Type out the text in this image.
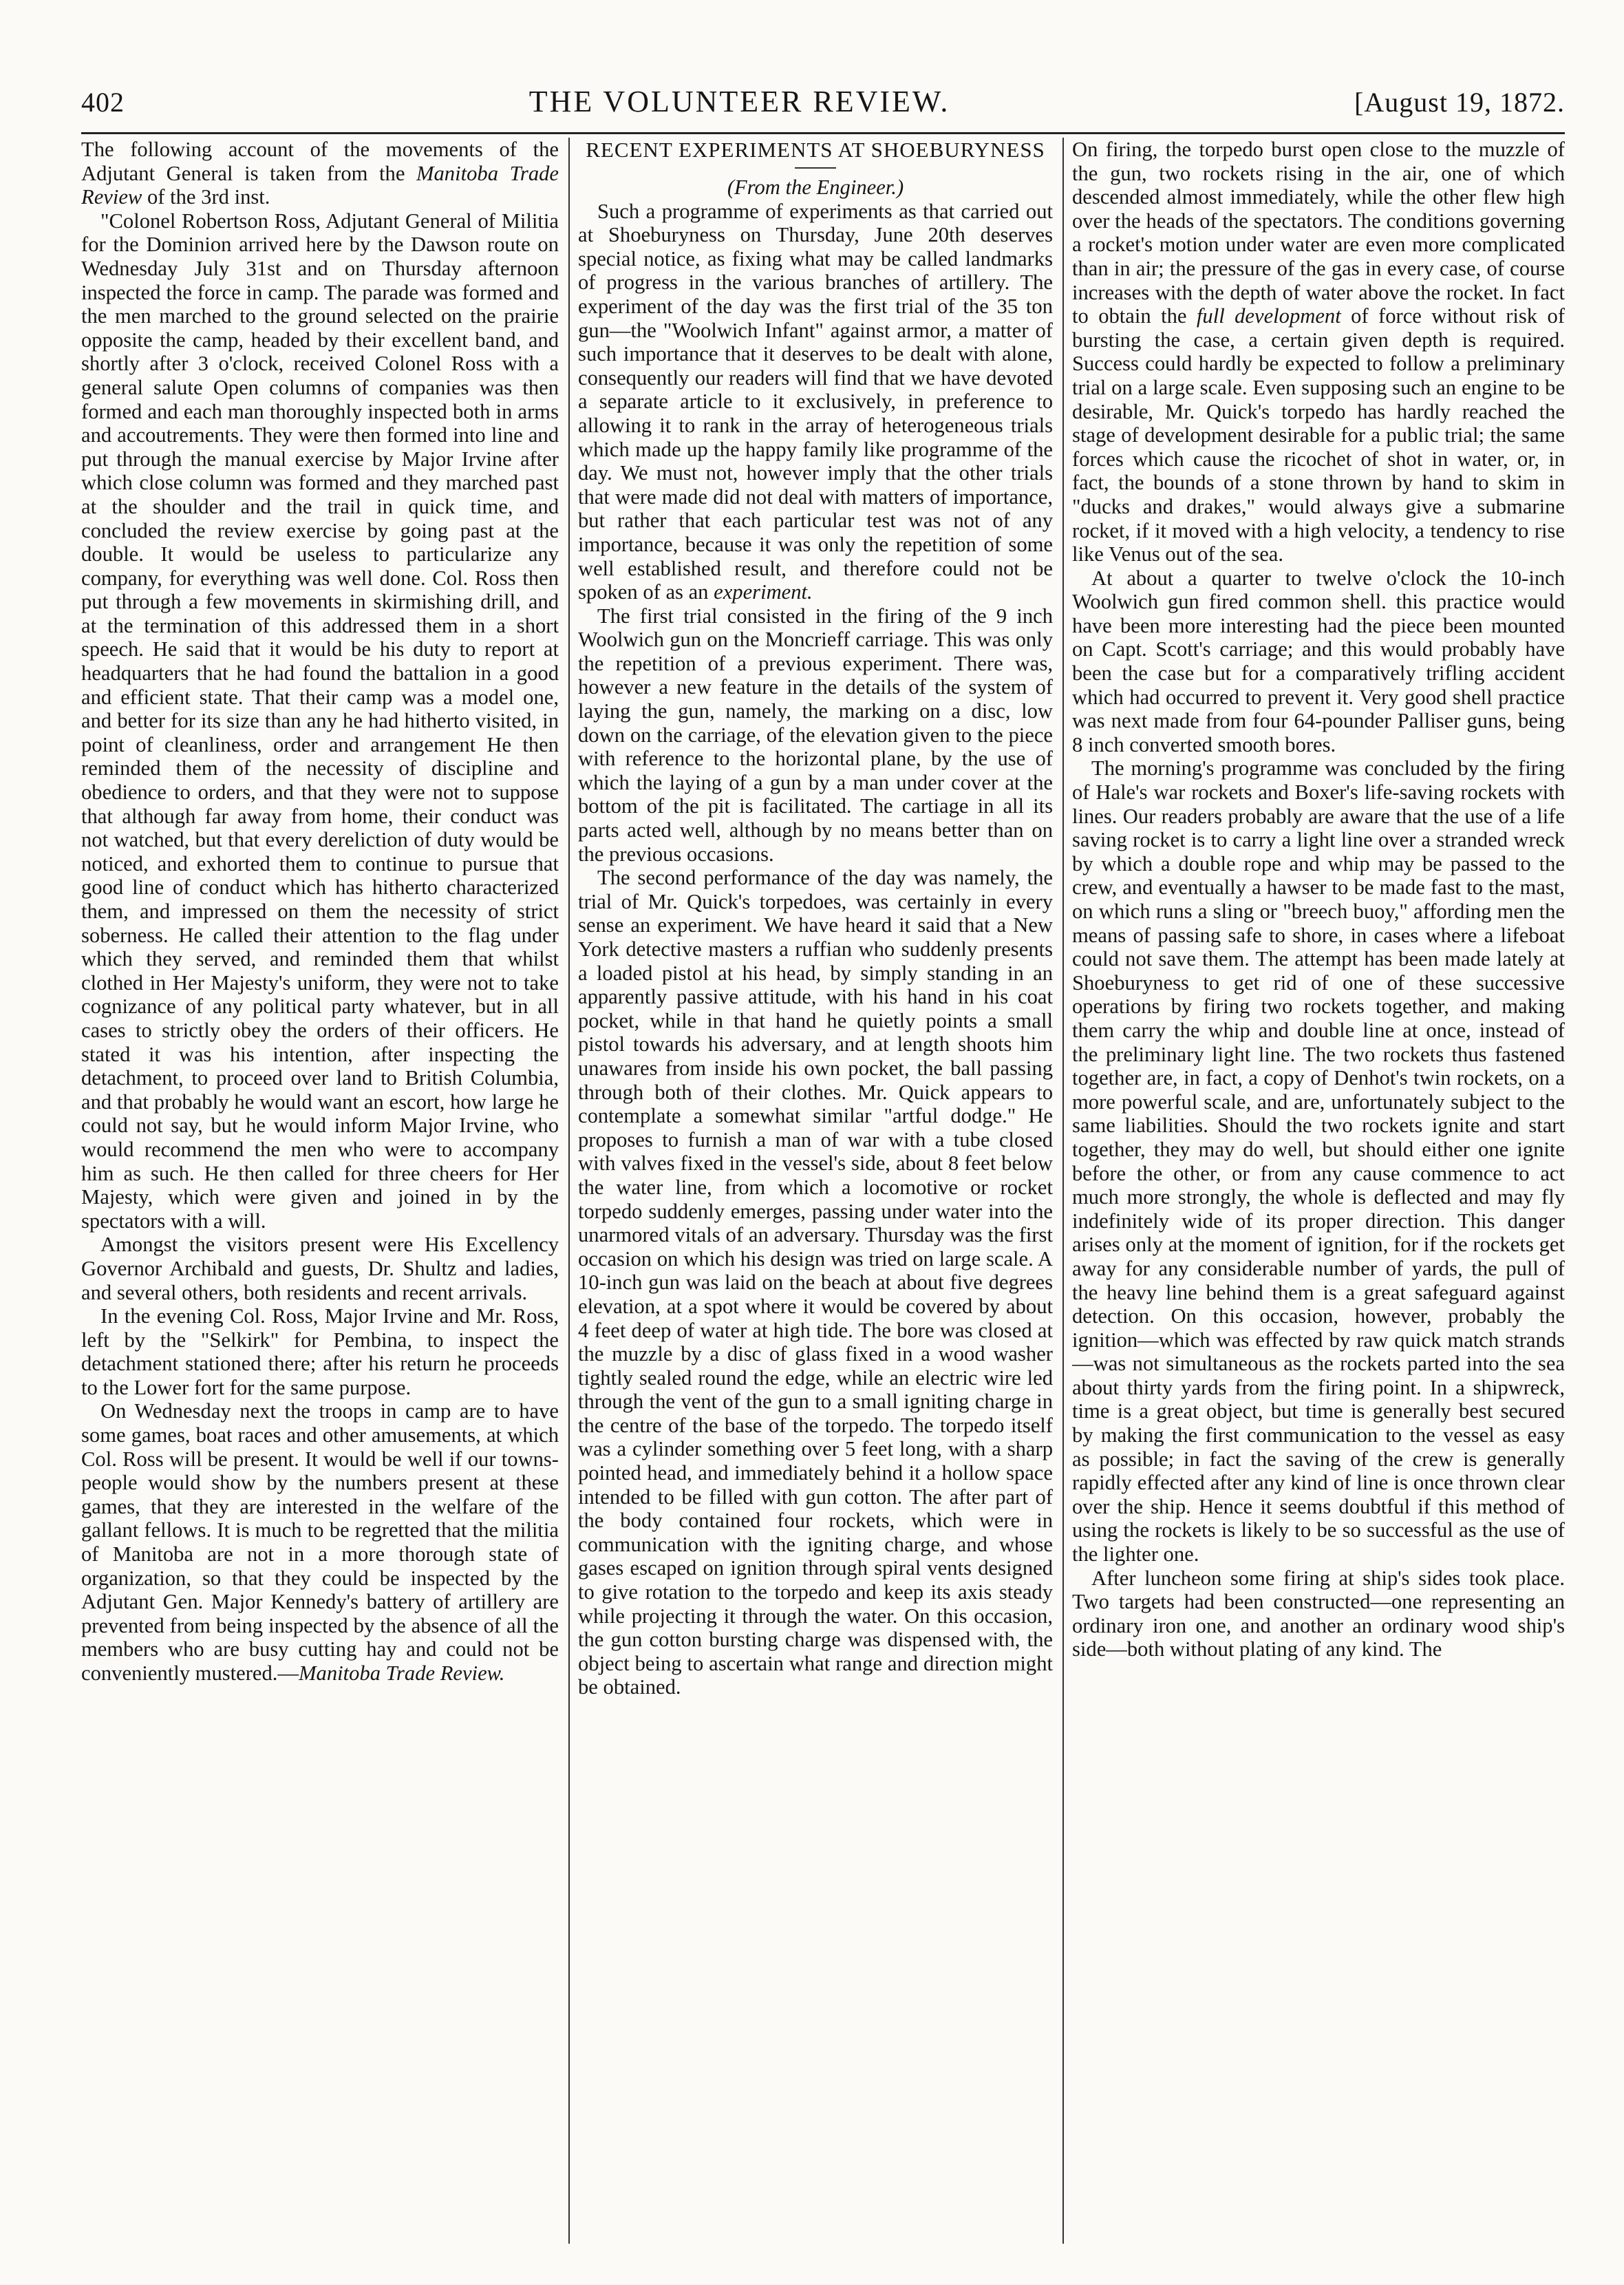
402	THE VOLUNTEER REVIEW.	[August 19, 1872.

The following account of the movements of the Adjutant General is taken from the Manitoba Trade Review of the 3rd inst.

"Colonel Robertson Ross, Adjutant General of Militia for the Dominion arrived here by the Dawson route on Wednesday July 31st and on Thursday afternoon inspected the force in camp. The parade was formed and the men marched to the ground selected on the prairie opposite the camp, headed by their excellent band, and shortly after 3 o'clock, received Colonel Ross with a general salute Open columns of companies was then formed and each man thoroughly inspected both in arms and accoutrements. They were then formed into line and put through the manual exercise by Major Irvine after which close column was formed and they marched past at the shoulder and the trail in quick time, and concluded the review exercise by going past at the double. It would be useless to particularize any company, for everything was well done. Col. Ross then put through a few movements in skirmishing drill, and at the termination of this addressed them in a short speech. He said that it would be his duty to report at headquarters that he had found the battalion in a good and efficient state. That their camp was a model one, and better for its size than any he had hitherto visited, in point of cleanliness, order and arrangement He then reminded them of the necessity of discipline and obedience to orders, and that they were not to suppose that although far away from home, their conduct was not watched, but that every dereliction of duty would be noticed, and exhorted them to continue to pursue that good line of conduct which has hitherto characterized them, and impressed on them the necessity of strict soberness. He called their attention to the flag under which they served, and reminded them that whilst clothed in Her Majesty's uniform, they were not to take cognizance of any political party whatever, but in all cases to strictly obey the orders of their officers. He stated it was his intention, after inspecting the detachment, to proceed over land to British Columbia, and that probably he would want an escort, how large he could not say, but he would inform Major Irvine, who would recommend the men who were to accompany him as such. He then called for three cheers for Her Majesty, which were given and joined in by the spectators with a will.

Amongst the visitors present were His Excellency Governor Archibald and guests, Dr. Shultz and ladies, and several others, both residents and recent arrivals.

In the evening Col. Ross, Major Irvine and Mr. Ross, left by the "Selkirk" for Pembina, to inspect the detachment stationed there; after his return he proceeds to the Lower fort for the same purpose.

On Wednesday next the troops in camp are to have some games, boat races and other amusements, at which Col. Ross will be present. It would be well if our towns-people would show by the numbers present at these games, that they are interested in the welfare of the gallant fellows. It is much to be regretted that the militia of Manitoba are not in a more thorough state of organization, so that they could be inspected by the Adjutant Gen. Major Kennedy's battery of artillery are prevented from being inspected by the absence of all the members who are busy cutting hay and could not be conveniently mustered.—Manitoba Trade Review.

RECENT EXPERIMENTS AT SHOEBURYNESS

(From the Engineer.)

Such a programme of experiments as that carried out at Shoeburyness on Thursday, June 20th deserves special notice, as fixing what may be called landmarks of progress in the various branches of artillery. The experiment of the day was the first trial of the 35 ton gun—the "Woolwich Infant" against armor, a matter of such importance that it deserves to be dealt with alone, consequently our readers will find that we have devoted a separate article to it exclusively, in preference to allowing it to rank in the array of heterogeneous trials which made up the happy family like programme of the day. We must not, however imply that the other trials that were made did not deal with matters of importance, but rather that each particular test was not of any importance, because it was only the repetition of some well established result, and therefore could not be spoken of as an experiment.

The first trial consisted in the firing of the 9 inch Woolwich gun on the Moncrieff carriage. This was only the repetition of a previous experiment. There was, however a new feature in the details of the system of laying the gun, namely, the marking on a disc, low down on the carriage, of the elevation given to the piece with reference to the horizontal plane, by the use of which the laying of a gun by a man under cover at the bottom of the pit is facilitated. The cartiage in all its parts acted well, although by no means better than on the previous occasions.

The second performance of the day was namely, the trial of Mr. Quick's torpedoes, was certainly in every sense an experiment. We have heard it said that a New York detective masters a ruffian who suddenly presents a loaded pistol at his head, by simply standing in an apparently passive attitude, with his hand in his coat pocket, while in that hand he quietly points a small pistol towards his adversary, and at length shoots him unawares from inside his own pocket, the ball passing through both of their clothes. Mr. Quick appears to contemplate a somewhat similar "artful dodge." He proposes to furnish a man of war with a tube closed with valves fixed in the vessel's side, about 8 feet below the water line, from which a locomotive or rocket torpedo suddenly emerges, passing under water into the unarmored vitals of an adversary. Thursday was the first occasion on which his design was tried on large scale. A 10-inch gun was laid on the beach at about five degrees elevation, at a spot where it would be covered by about 4 feet deep of water at high tide. The bore was closed at the muzzle by a disc of glass fixed in a wood washer tightly sealed round the edge, while an electric wire led through the vent of the gun to a small igniting charge in the centre of the base of the torpedo. The torpedo itself was a cylinder something over 5 feet long, with a sharp pointed head, and immediately behind it a hollow space intended to be filled with gun cotton. The after part of the body contained four rockets, which were in communication with the igniting charge, and whose gases escaped on ignition through spiral vents designed to give rotation to the torpedo and keep its axis steady while projecting it through the water. On this occasion, the gun cotton bursting charge was dispensed with, the object being to ascertain what range and direction might be obtained.

On firing, the torpedo burst open close to the muzzle of the gun, two rockets rising in the air, one of which descended almost immediately, while the other flew high over the heads of the spectators. The conditions governing a rocket's motion under water are even more complicated than in air; the pressure of the gas in every case, of course increases with the depth of water above the rocket. In fact to obtain the full development of force without risk of bursting the case, a certain given depth is required. Success could hardly be expected to follow a preliminary trial on a large scale. Even supposing such an engine to be desirable, Mr. Quick's torpedo has hardly reached the stage of development desirable for a public trial; the same forces which cause the ricochet of shot in water, or, in fact, the bounds of a stone thrown by hand to skim in "ducks and drakes," would always give a submarine rocket, if it moved with a high velocity, a tendency to rise like Venus out of the sea.

At about a quarter to twelve o'clock the 10-inch Woolwich gun fired common shell. this practice would have been more interesting had the piece been mounted on Capt. Scott's carriage; and this would probably have been the case but for a comparatively trifling accident which had occurred to prevent it. Very good shell practice was next made from four 64-pounder Palliser guns, being 8 inch converted smooth bores.

The morning's programme was concluded by the firing of Hale's war rockets and Boxer's life-saving rockets with lines. Our readers probably are aware that the use of a life saving rocket is to carry a light line over a stranded wreck by which a double rope and whip may be passed to the crew, and eventually a hawser to be made fast to the mast, on which runs a sling or "breech buoy," affording men the means of passing safe to shore, in cases where a lifeboat could not save them. The attempt has been made lately at Shoeburyness to get rid of one of these successive operations by firing two rockets together, and making them carry the whip and double line at once, instead of the preliminary light line. The two rockets thus fastened together are, in fact, a copy of Denhot's twin rockets, on a more powerful scale, and are, unfortunately subject to the same liabilities. Should the two rockets ignite and start together, they may do well, but should either one ignite before the other, or from any cause commence to act much more strongly, the whole is deflected and may fly indefinitely wide of its proper direction. This danger arises only at the moment of ignition, for if the rockets get away for any considerable number of yards, the pull of the heavy line behind them is a great safeguard against detection. On this occasion, however, probably the ignition—which was effected by raw quick match strands—was not simultaneous as the rockets parted into the sea about thirty yards from the firing point. In a shipwreck, time is a great object, but time is generally best secured by making the first communication to the vessel as easy as possible; in fact the saving of the crew is generally rapidly effected after any kind of line is once thrown clear over the ship. Hence it seems doubtful if this method of using the rockets is likely to be so successful as the use of the lighter one.

After luncheon some firing at ship's sides took place. Two targets had been constructed—one representing an ordinary iron one, and another an ordinary wood ship's side—both without plating of any kind. The
